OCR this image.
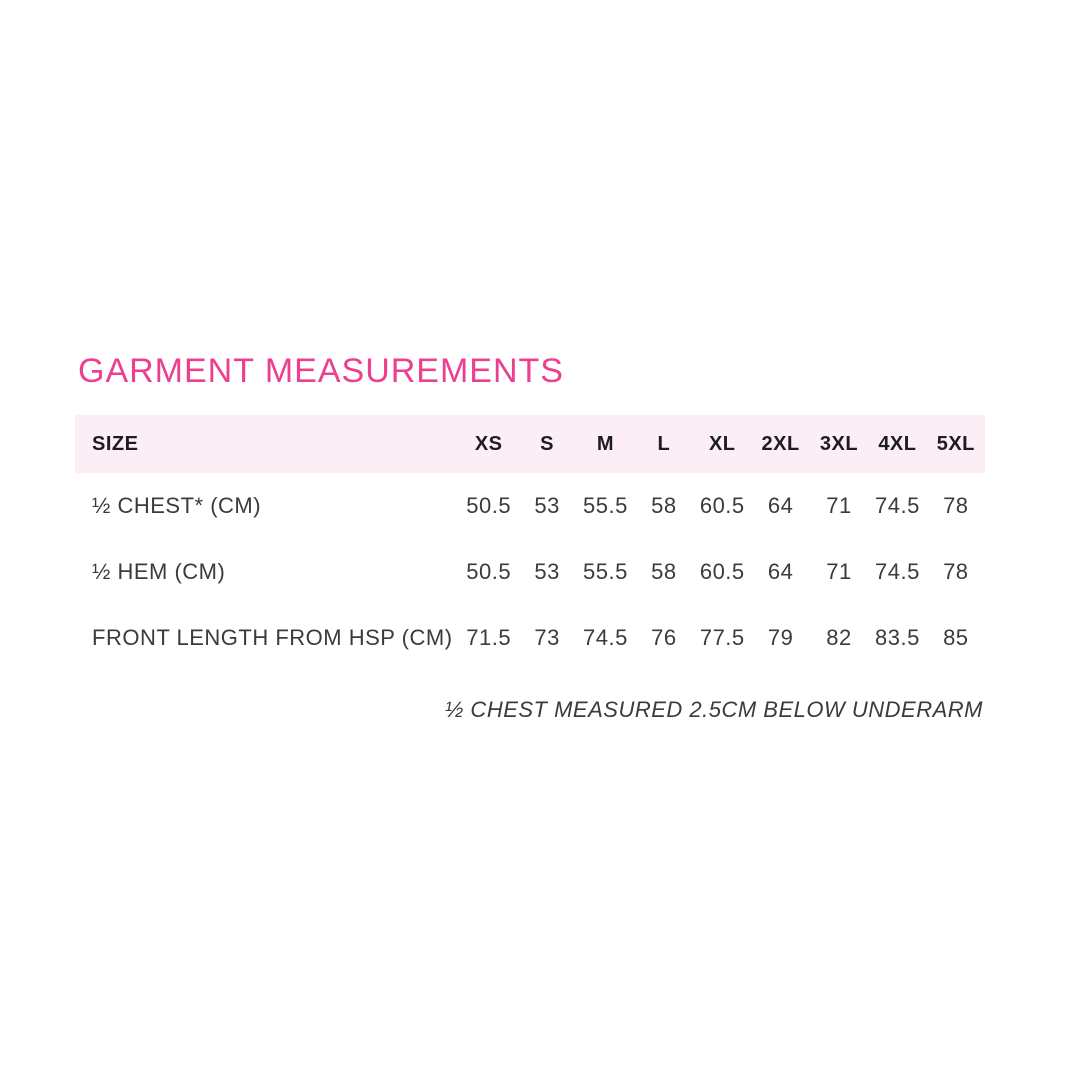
GARMENT MEASUREMENTS
SIZE	XS	S	M	L	XL	2XL	3XL	4XL	5XL
½ CHEST* (CM)	50.5	53	55.5	58	60.5	64	71	74.5	78
½ HEM (CM)	50.5	53	55.5	58	60.5	64	71	74.5	78
FRONT LENGTH FROM HSP (CM) 71.5	73	74.5	76	77.5	79	82	83.5	85
½ CHEST MEASURED 2.5CM BELOW UNDERARM
